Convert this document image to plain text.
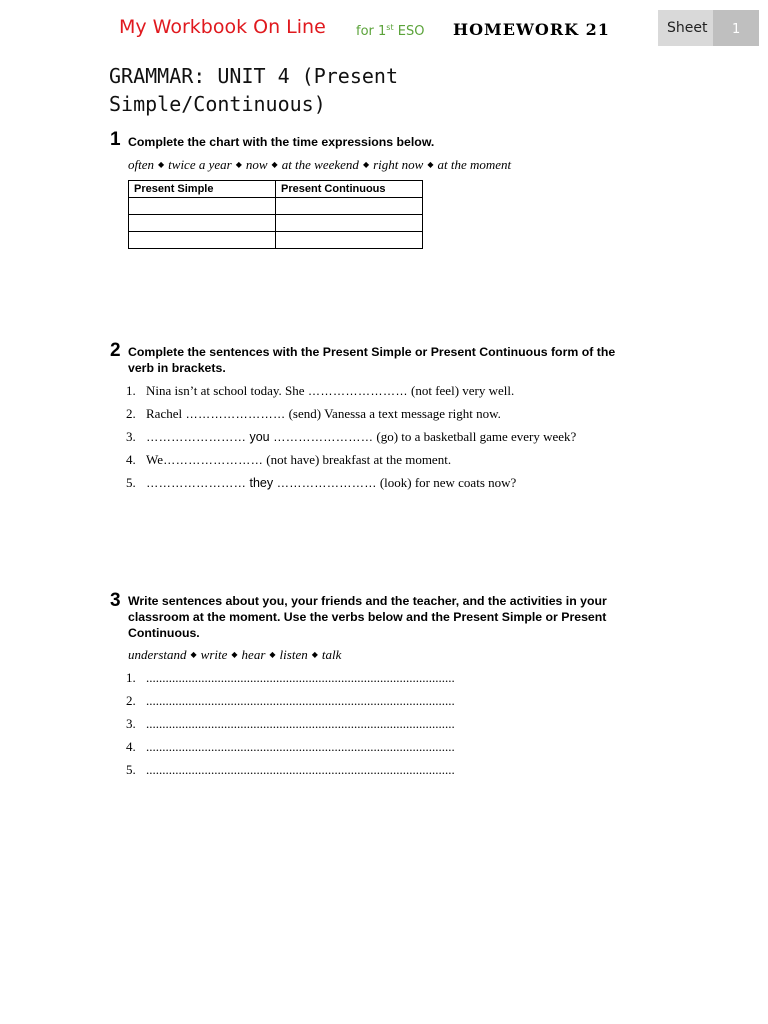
My Workbook On Line for 1st ESO HOMEWORK 21	Sheet 1
GRAMMAR: UNIT 4 (Present Simple/Continuous)
1 Complete the chart with the time expressions below.
often ◆ twice a year ◆ now ◆ at the weekend ◆ right now ◆ at the moment
Present Simple	Present Continuous

2 Complete the sentences with the Present Simple or Present Continuous form of the verb in brackets.
1. Nina isn’t at school today. She …………………… (not feel) very well.
2. Rachel …………………… (send) Vanessa a text message right now.
3. …………………… you …………………… (go) to a basketball game every week?
4. We…………………… (not have) breakfast at the moment.
5. …………………… they …………………… (look) for new coats now?
3 Write sentences about you, your friends and the teacher, and the activities in your classroom at the moment. Use the verbs below and the Present Simple or Present Continuous.
understand ◆ write ◆ hear ◆ listen ◆ talk
1. ...............................................................................................
2. ...............................................................................................
3. ...............................................................................................
4. ...............................................................................................
5. ...............................................................................................
